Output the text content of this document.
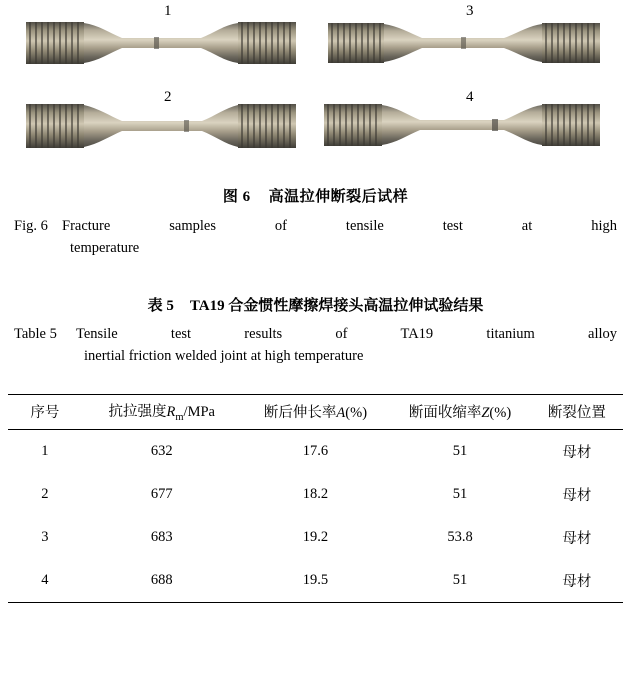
1	3
2	4
图 6 高温拉伸断裂后试样
Fig. 6 Fracture samples of tensile test at high
temperature
表 5 TA19 合金惯性摩擦焊接头高温拉伸试验结果
Table 5 Tensile test results of TA19 titanium alloy
inertial friction welded joint at high temperature
序号	抗拉强度$R_m$/MPa	断后伸长率A(%)	断面收缩率Z(%)	断裂位置
1	632	17.6	51	母材
2	677	18.2	51	母材
3	683	19.2	53.8	母材
4	688	19.5	51	母材
